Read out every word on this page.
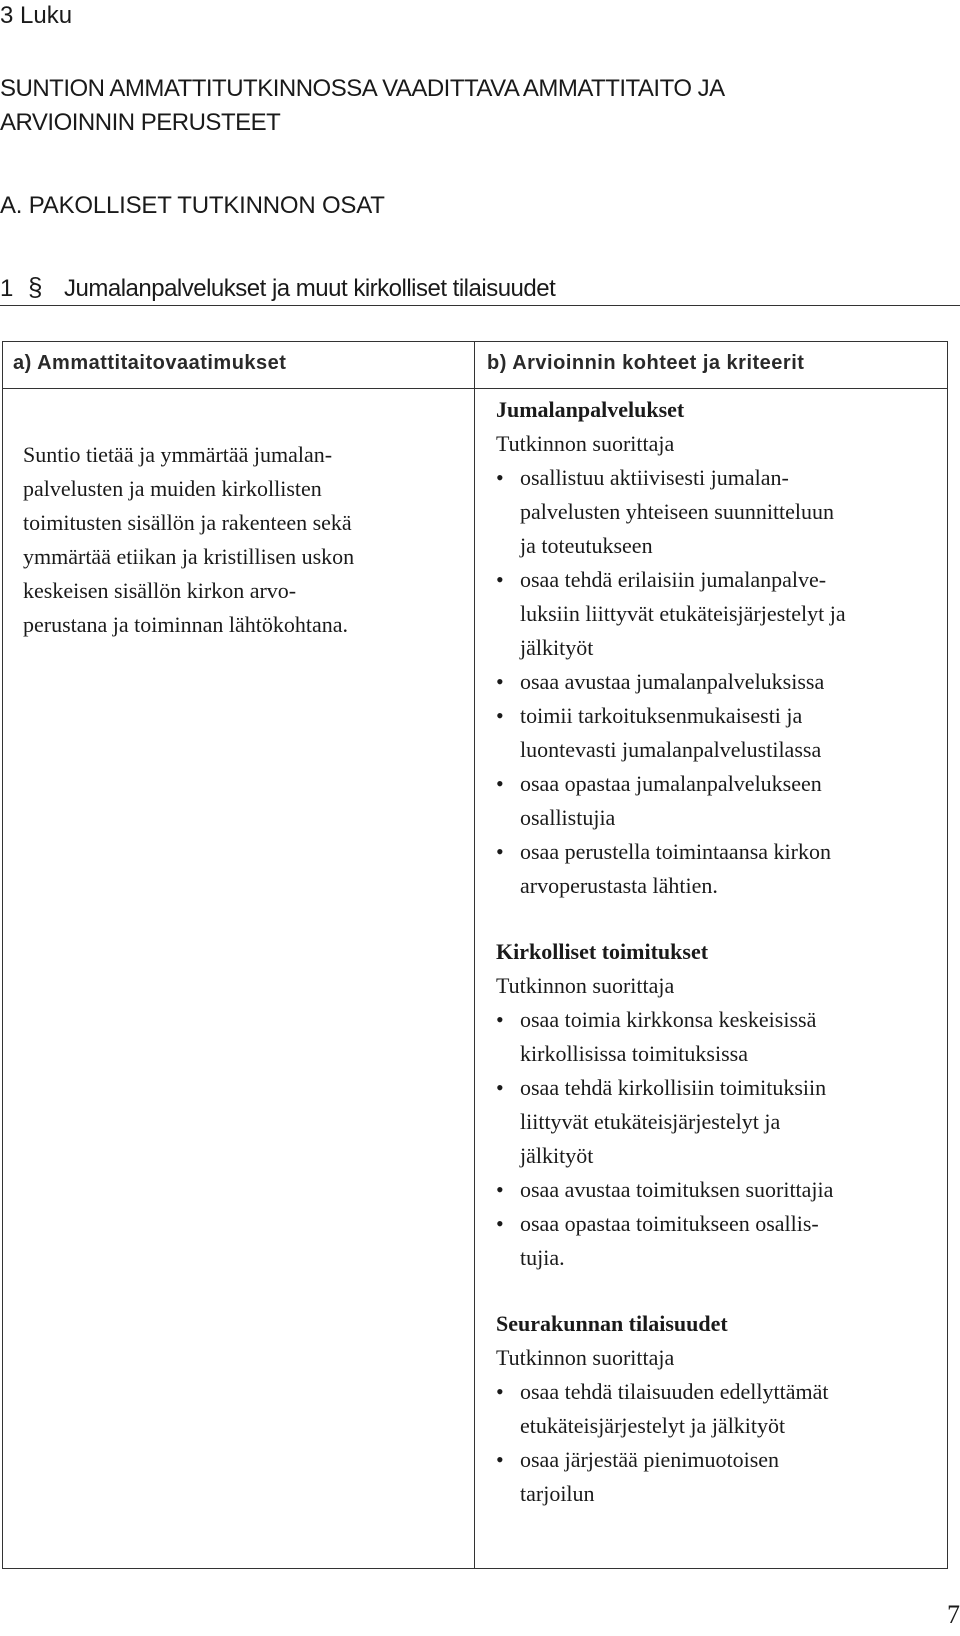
3 Luku
SUNTION AMMATTITUTKINNOSSA VAADITTAVA AMMATTITAITO JA
ARVIOINNIN PERUSTEET
A. PAKOLLISET TUTKINNON OSAT
1 § Jumalanpalvelukset ja muut kirkolliset tilaisuudet
a) Ammattitaitovaatimukset	b) Arvioinnin kohteet ja kriteerit
Suntio tietää ja ymmärtää jumalan-
palvelusten ja muiden kirkollisten
toimitusten sisällön ja rakenteen sekä
ymmärtää etiikan ja kristillisen uskon
keskeisen sisällön kirkon arvo-
perustana ja toiminnan lähtökohtana.
Jumalanpalvelukset
Tutkinnon suorittaja
• osallistuu aktiivisesti jumalan-
palvelusten yhteiseen suunnitteluun
ja toteutukseen
• osaa tehdä erilaisiin jumalanpalve-
luksiin liittyvät etukäteisjärjestelyt ja
jälkityöt
• osaa avustaa jumalanpalveluksissa
• toimii tarkoituksenmukaisesti ja
luontevasti jumalanpalvelustilassa
• osaa opastaa jumalanpalvelukseen
osallistujia
• osaa perustella toimintaansa kirkon
arvoperustasta lähtien.
Kirkolliset toimitukset
Tutkinnon suorittaja
• osaa toimia kirkkonsa keskeisissä
kirkollisissa toimituksissa
• osaa tehdä kirkollisiin toimituksiin
liittyvät etukäteisjärjestelyt ja
jälkityöt
• osaa avustaa toimituksen suorittajia
• osaa opastaa toimitukseen osallis-
tujia.
Seurakunnan tilaisuudet
Tutkinnon suorittaja
• osaa tehdä tilaisuuden edellyttämät
etukäteisjärjestelyt ja jälkityöt
• osaa järjestää pienimuotoisen
tarjoilun
7
